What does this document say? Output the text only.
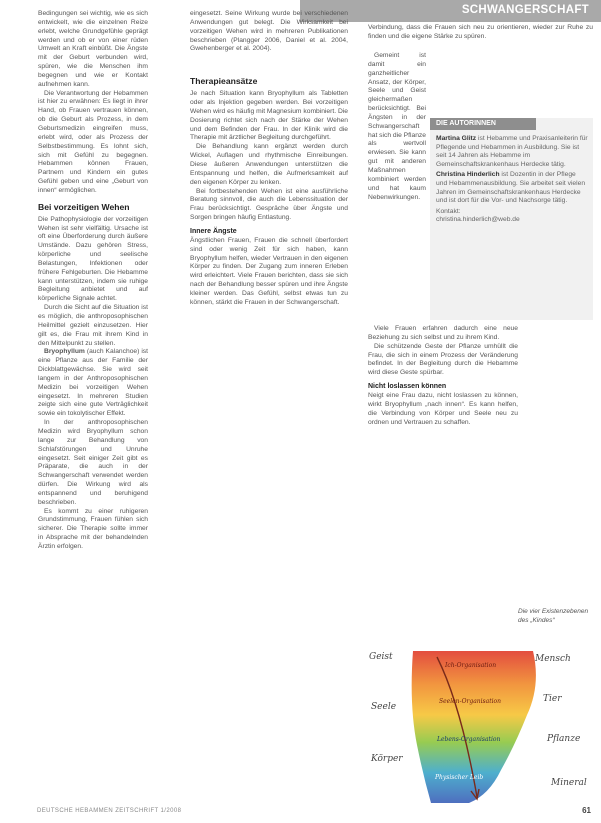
SCHWANGERSCHAFT

Bedingungen sei wichtig, wie es sich entwickelt, wie die einzelnen Reize erlebt, welche Grundgefühle geprägt werden und ob er von einer rüden Umwelt an Kraft einbüßt. Die Ängste mit der Geburt verbunden wird, spüren, wie die Menschen ihm begegnen und wie er Kontakt aufnehmen kann.

Die Verantwortung der Hebammen ist hier zu erwähnen: Es liegt in ihrer Hand, ob Frauen vertrauen können, ob die Geburt als Prozess, in dem Geburtsmedizin eingreifen muss, erlebt wird, oder als Prozess der Selbstbestimmung. Es lohnt sich, sich mit Gefühl zu begegnen. Hebammen können Frauen, Partnern und Kindern ein gutes Gefühl geben und eine „Geburt von innen“ ermöglichen.

Bei vorzeitigen Wehen

Die Pathophysiologie der vorzeitigen Wehen ist sehr vielfältig. Ursache ist oft eine Überforderung durch äußere Umstände. Dazu gehören Stress, körperliche und seelische Belastungen, Infektionen oder frühere Fehlgeburten. Die Hebamme kann unterstützen, indem sie ruhige Begleitung anbietet und auf körperliche Signale achtet.

Durch die Sicht auf die Situation ist es möglich, die anthroposophischen Heilmittel gezielt einzusetzen. Hier gilt es, die Frau mit ihrem Kind in den Mittelpunkt zu stellen.

Bryophyllum (auch Kalanchoe) ist eine Pflanze aus der Familie der Dickblattgewächse. Sie wird seit langem in der Anthroposophischen Medizin bei vorzeitigen Wehen eingesetzt. In mehreren Studien zeigte sich eine gute Verträglichkeit sowie ein tokolytischer Effekt.

In der anthroposophischen Medizin wird Bryophyllum schon lange zur Behandlung von Schlafstörungen und Unruhe eingesetzt. Seit einiger Zeit gibt es Präparate, die auch in der Schwangerschaft verwendet werden dürfen. Die Wirkung wird als entspannend und beruhigend beschrieben.

Es kommt zu einer ruhigeren Grundstimmung, Frauen fühlen sich sicherer. Die Therapie sollte immer in Absprache mit der behandelnden Ärztin erfolgen.

eingesetzt. Seine Wirkung wurde bei verschiedenen Anwendungen gut belegt. Die Wirksamkeit bei vorzeitigen Wehen wird in mehreren Publikationen beschrieben (Plangger 2006, Daniel et al. 2004, Gwehenberger et al. 2004).

Therapieansätze

Je nach Situation kann Bryophyllum als Tabletten oder als Injektion gegeben werden. Bei vorzeitigen Wehen wird es häufig mit Magnesium kombiniert. Die Dosierung richtet sich nach der Stärke der Wehen und dem Befinden der Frau. In der Klinik wird die Therapie mit ärztlicher Begleitung durchgeführt.

Die Behandlung kann ergänzt werden durch Wickel, Auflagen und rhythmische Einreibungen. Diese äußeren Anwendungen unterstützen die Entspannung und helfen, die Aufmerksamkeit auf den eigenen Körper zu lenken.

Bei fortbestehenden Wehen ist eine ausführliche Beratung sinnvoll, die auch die Lebenssituation der Frau berücksichtigt. Gespräche über Ängste und Sorgen bringen häufig Entlastung.

Innere Ängste

Ängstlichen Frauen, Frauen die schnell überfordert sind oder wenig Zeit für sich haben, kann Bryophyllum helfen, wieder Vertrauen in den eigenen Körper zu finden. Der Zugang zum inneren Erleben wird erleichtert. Viele Frauen berichten, dass sie sich nach der Behandlung besser spüren und ihre Ängste kleiner werden. Das Gefühl, selbst etwas tun zu können, stärkt die Frauen in der Schwangerschaft.

Verbindung, dass die Frauen sich neu zu orientieren, wieder zur Ruhe zu finden und die eigene Stärke zu spüren.

Gemeint ist damit ein ganzheitlicher Ansatz, der Körper, Seele und Geist gleichermaßen berücksichtigt. Bei Ängsten in der Schwangerschaft hat sich die Pflanze als wertvoll erwiesen. Sie kann gut mit anderen Maßnahmen kombiniert werden und hat kaum Nebenwirkungen.

Viele Frauen erfahren dadurch eine neue Beziehung zu sich selbst und zu ihrem Kind.

Die schützende Geste der Pflanze umhüllt die Frau, die sich in einem Prozess der Veränderung befindet. In der Begleitung durch die Hebamme wird diese Geste spürbar.

Nicht loslassen können

Neigt eine Frau dazu, nicht loslassen zu können, wirkt Bryophyllum „nach innen“. Es kann helfen, die Verbindung von Körper und Seele neu zu ordnen und Vertrauen zu schaffen.

DIE AUTORINNEN

Martina Glitz ist Hebamme und Praxisanleiterin für Pflegende und Hebammen in Ausbildung. Sie ist seit 14 Jahren als Hebamme im Gemeinschaftskrankenhaus Herdecke tätig.

Christina Hinderlich ist Dozentin in der Pflege und Hebammenausbildung. Sie arbeitet seit vielen Jahren im Gemeinschaftskrankenhaus Herdecke und ist dort für die Vor- und Nachsorge tätig.

Kontakt:
christina.hinderlich@web.de

Die vier Existenzebenen des „Kindes“
Geist
Seele
Körper
Mensch
Tier
Pflanze
Mineral
Ich-Organisation
Seelen-Organisation
Lebens-Organisation
Physischer Leib
DEUTSCHE HEBAMMEN ZEITSCHRIFT 1/2008	61
